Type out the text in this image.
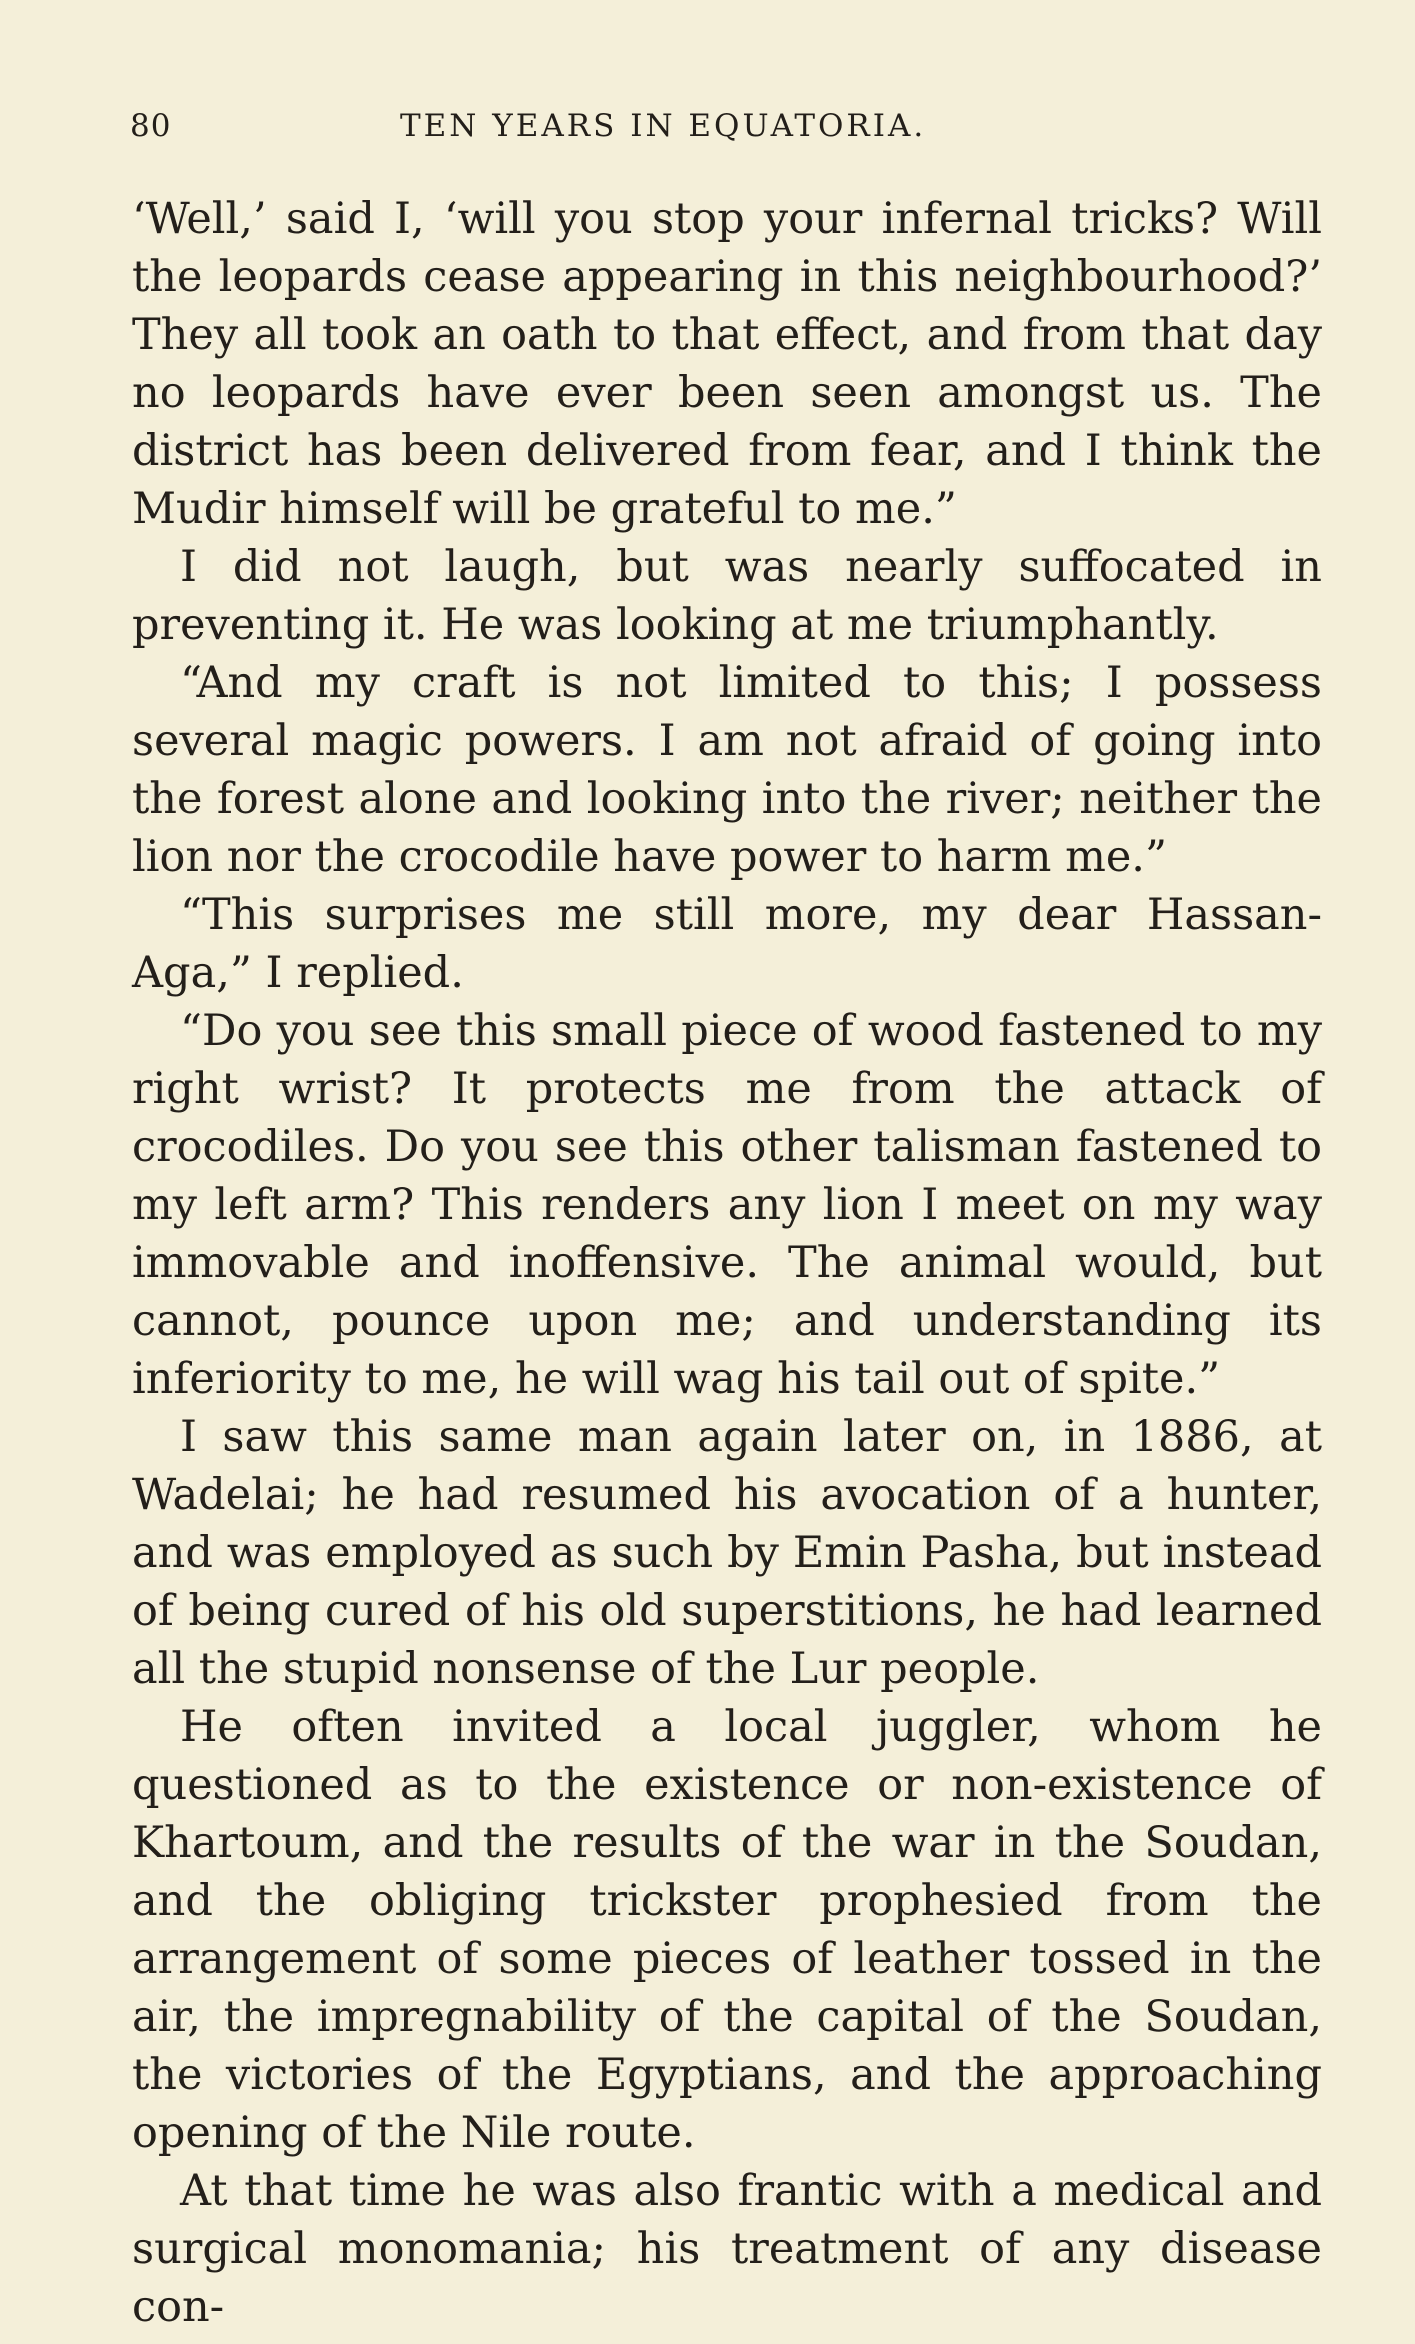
80	TEN YEARS IN EQUATORIA.

‘Well,’ said I, ‘will you stop your infernal tricks? Will the leopards cease appearing in this neighbourhood?’ They all took an oath to that effect, and from that day no leopards have ever been seen amongst us. The district has been delivered from fear, and I think the Mudir himself will be grateful to me.”

I did not laugh, but was nearly suffocated in preventing it. He was looking at me triumphantly.

“And my craft is not limited to this; I possess several magic powers. I am not afraid of going into the forest alone and looking into the river; neither the lion nor the crocodile have power to harm me.”

“This surprises me still more, my dear Hassan-Aga,” I replied.

“Do you see this small piece of wood fastened to my right wrist? It protects me from the attack of crocodiles. Do you see this other talisman fastened to my left arm? This renders any lion I meet on my way immovable and inoffensive. The animal would, but cannot, pounce upon me; and understanding its inferiority to me, he will wag his tail out of spite.”

I saw this same man again later on, in 1886, at Wadelai; he had resumed his avocation of a hunter, and was employed as such by Emin Pasha, but instead of being cured of his old superstitions, he had learned all the stupid nonsense of the Lur people.

He often invited a local juggler, whom he questioned as to the existence or non-existence of Khartoum, and the results of the war in the Soudan, and the obliging trickster prophesied from the arrangement of some pieces of leather tossed in the air, the impregnability of the capital of the Soudan, the victories of the Egyptians, and the approaching opening of the Nile route.

At that time he was also frantic with a medical and surgical monomania; his treatment of any disease con-
